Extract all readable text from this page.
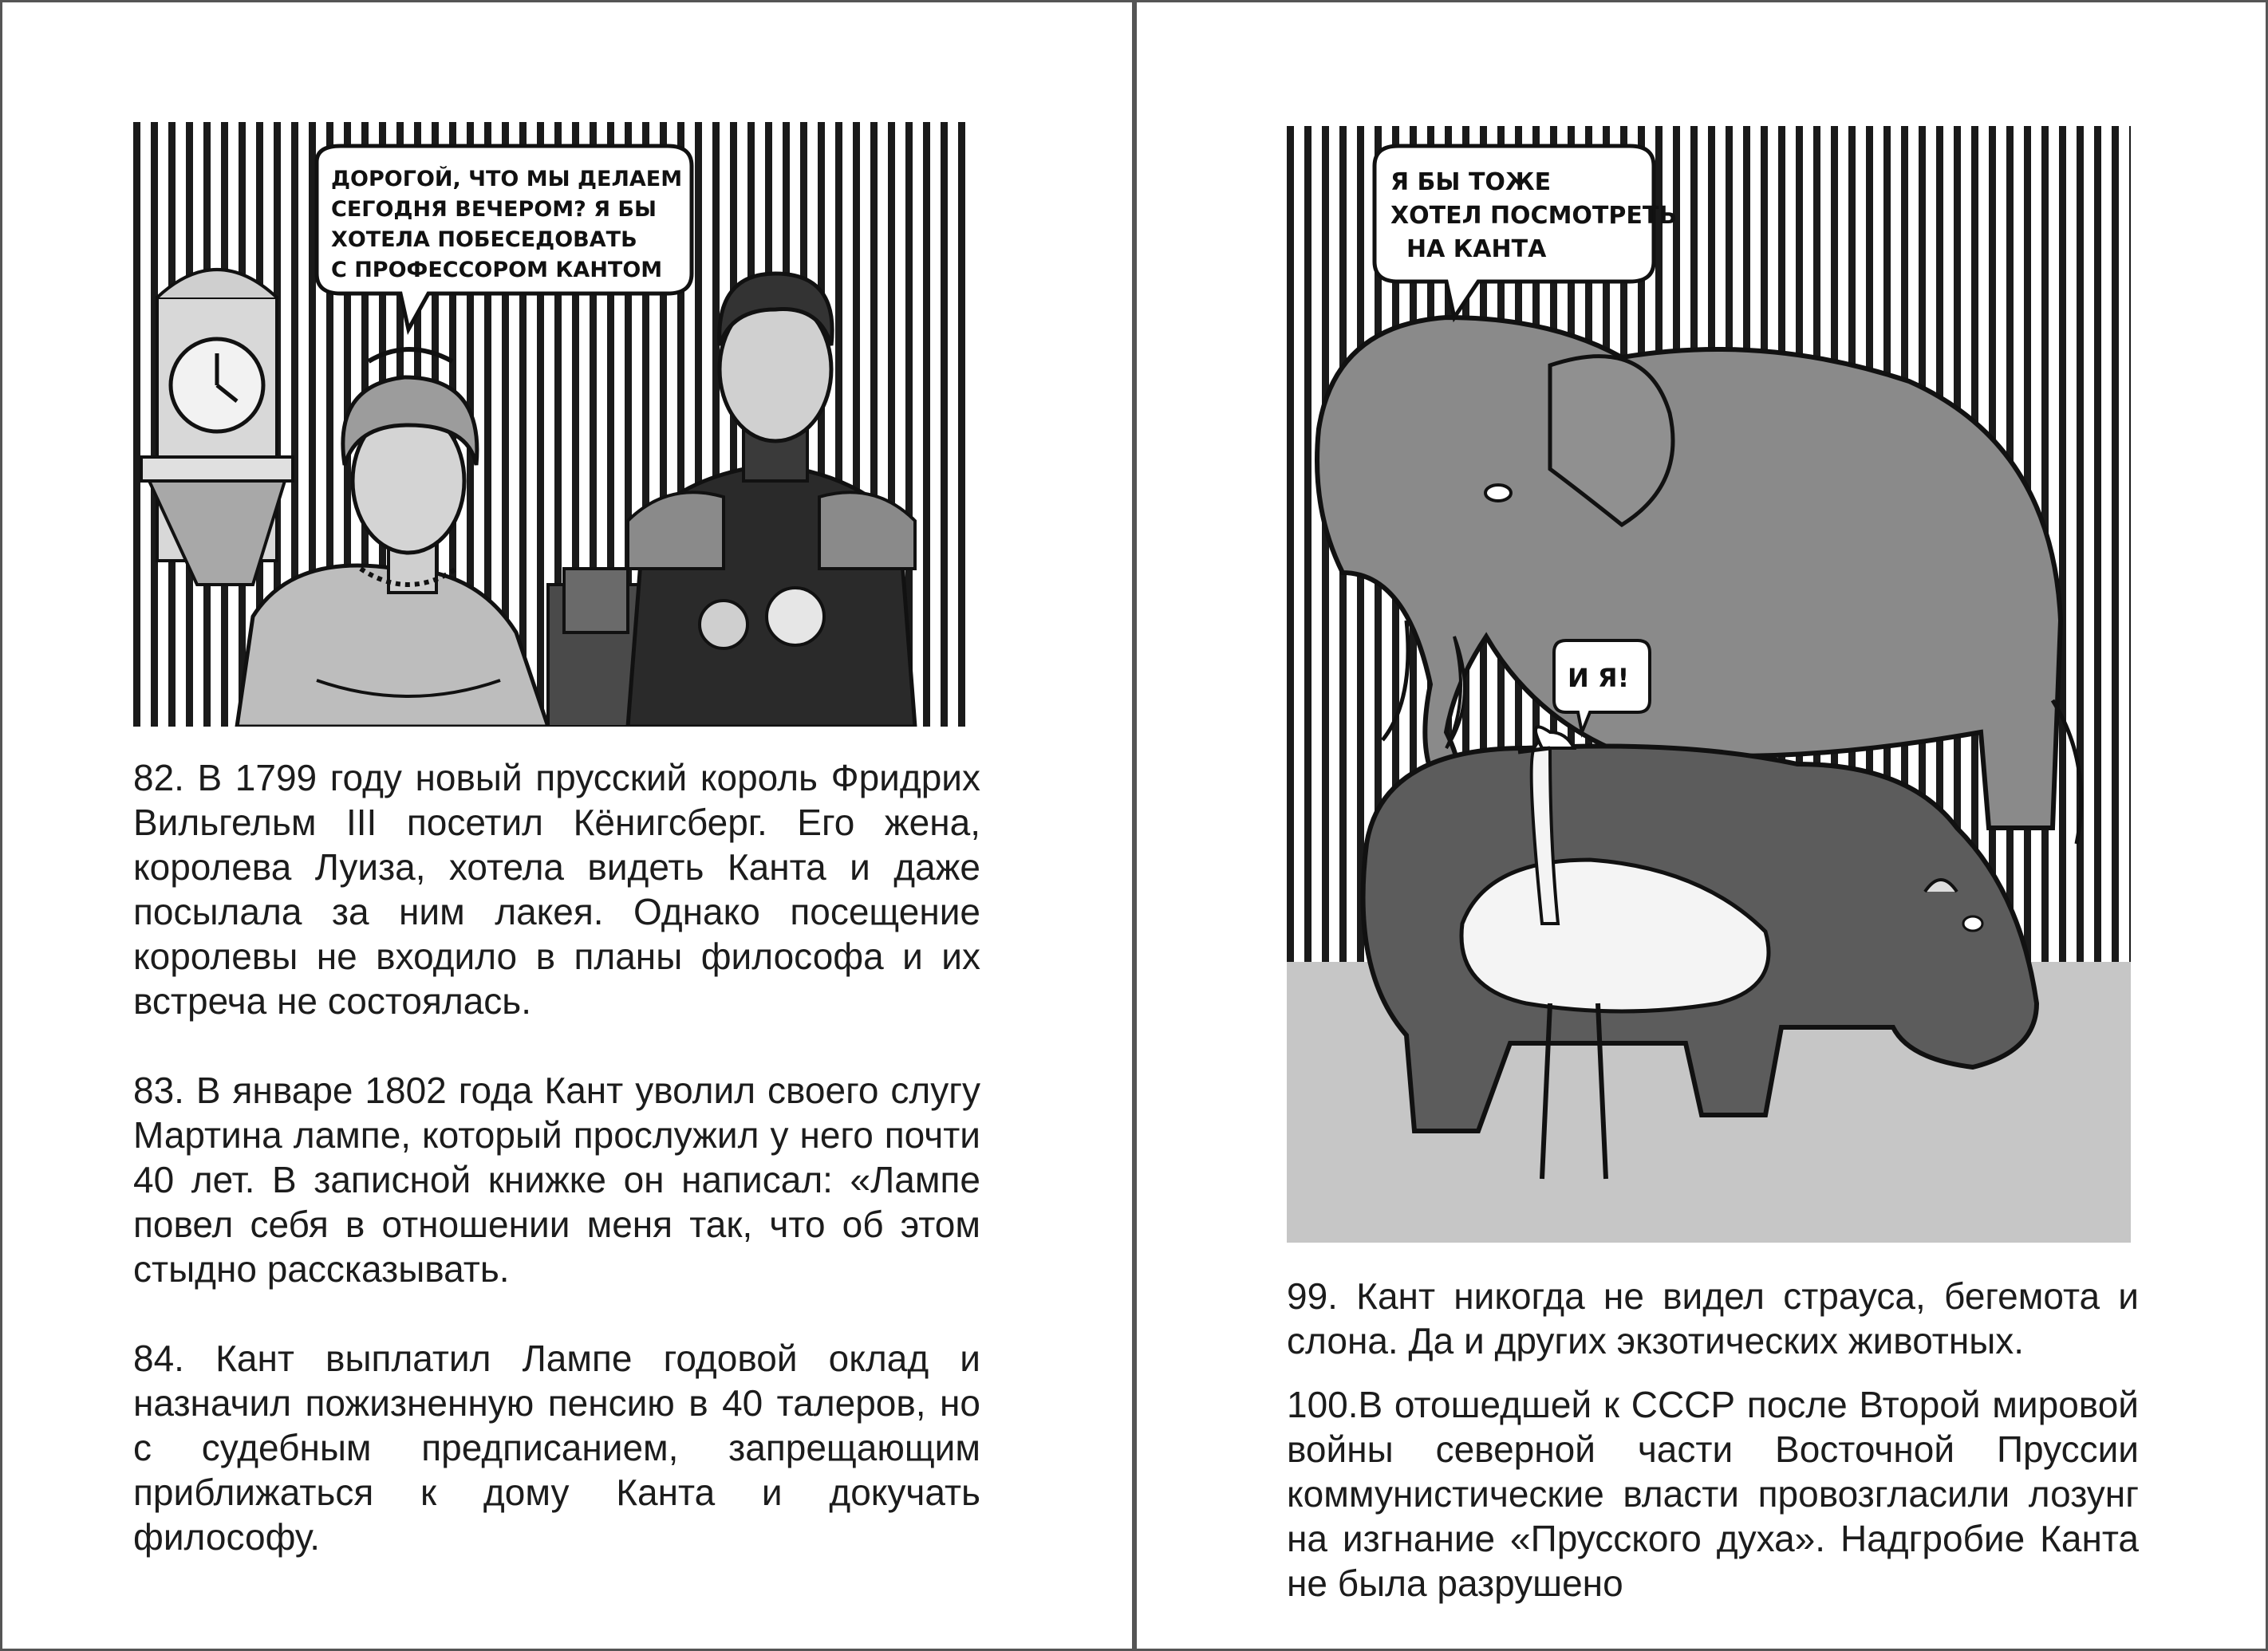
ДОРОГОЙ, ЧТО МЫ ДЕЛАЕМ
СЕГОДНЯ ВЕЧЕРОМ? Я БЫ
ХОТЕЛА ПОБЕСЕДОВАТЬ
С ПРОФЕССОРОМ КАНТОМ

82. В 1799 году новый прусский король Фридрих Вильгельм III посетил Кёнигсберг. Его жена, королева Луиза, хотела видеть Канта и даже посылала за ним лакея. Однако посещение королевы не входило в планы философа и их встреча не состоялась.

83. В январе 1802 года Кант уволил своего слугу Мартина лампе, который прослужил у него почти 40 лет. В записной книжке он написал: «Лампе повел себя в отношении меня так, что об этом стыдно рассказывать.

84. Кант выплатил Лампе годовой оклад и назначил пожизненную пенсию в 40 талеров, но с судебным предписанием, запрещающим приближаться к дому Канта и докучать философу.

Я БЫ ТОЖЕ
ХОТЕЛ ПОСМОТРЕТЬ
НА КАНТА
И Я!

99. Кант никогда не видел страуса, бегемота и слона. Да и других экзотических животных.

100.В отошедшей к СССР после Второй мировой войны северной части Восточной Пруссии коммунистические власти провозгласили лозунг на изгнание «Прусского духа». Надгробие Канта не была разрушено
